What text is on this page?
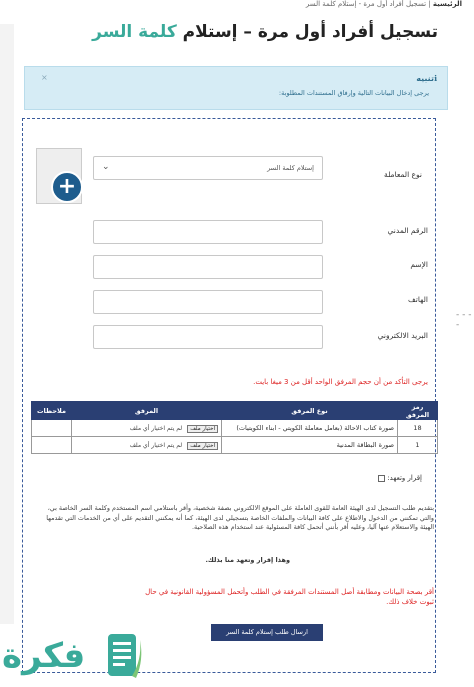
الرئيسية | تسجيل أفراد أول مرة - إستلام كلمة السر
- - - -
تسجيل أفراد أول مرة – إستلام كلمة السر
ℹتنبيه
يرجى إدخال البيانات التالية وإرفاق المستندات المطلوبة:
×
+	نوع المعاملة
إستلام كلمة السر
⌄
الرقم المدني
الإسم
الهاتف
البريد الالكتروني
يرجى التأكد من أن حجم المرفق الواحد أقل من 3 ميغا بايت.
رمز المرفق	نوع المرفق	المرفق	ملاحظات
18	صورة كتاب الاحالة (بعامل معاملة الكويتي - ابناء الكويتيات)	اختيار ملف لم يتم اختيار أي ملف	
1	صورة البطاقة المدنية	اختيار ملف لم يتم اختيار أي ملف	
إقرار وتعهد:
بتقديم طلب التسجيل لدى الهيئة العامة للقوى العاملة على الموقع الالكتروني بصفة شخصية، وأقر باستلامي اسم المستخدم وكلمة السر الخاصة بي، والتي تمكنني من الدخول والاطلاع على كافة البيانات والملفات الخاصة بتسجيلي لدى الهيئة، كما أنه يمكنني التقديم على أي من الخدمات التي تقدمها الهيئة والاستعلام عنها آليا، وعليه أقر بأنني أتحمل كافة المسئولية عند استخدام هذه الصلاحية.
وهذا إقرار وتعهد منا بذلك.
أقر بصحة البيانات ومطابقة أصل المستندات المرفقة في الطلب وأتحمل المسؤولية القانونية في حال ثبوت خلاف ذلك.
ارسال طلب إستلام كلمة السر
فكرة
